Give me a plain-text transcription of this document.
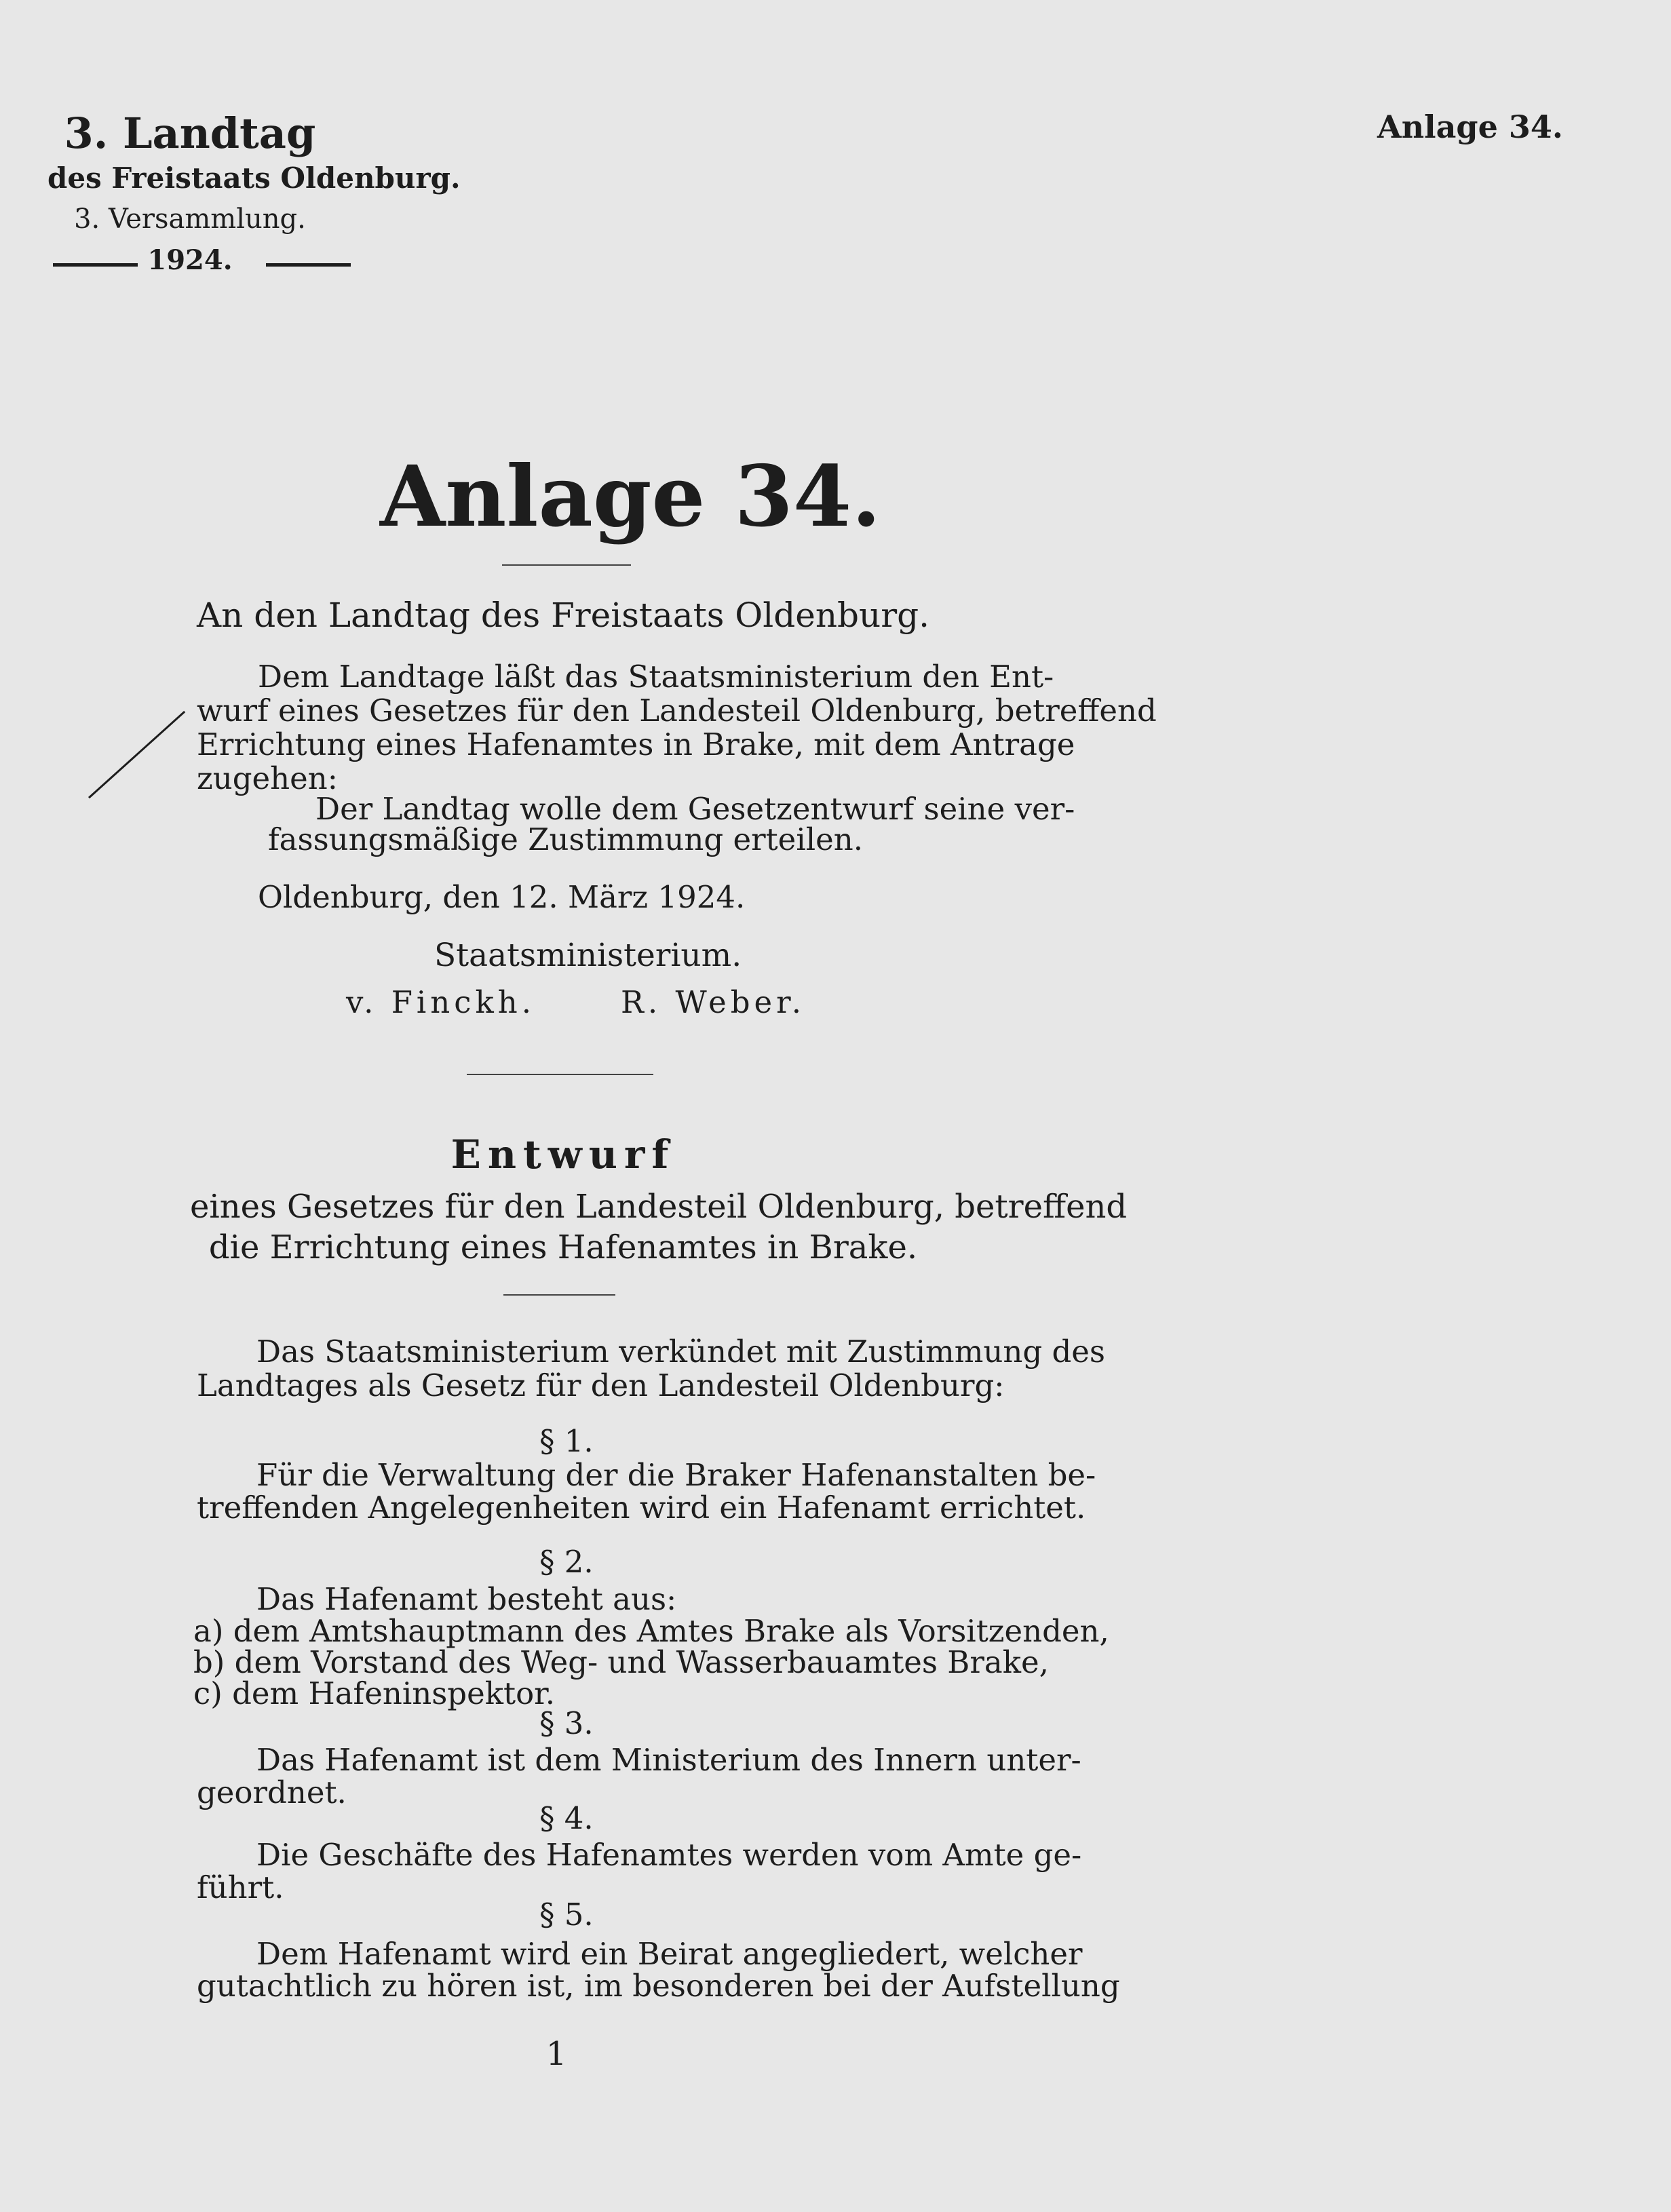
3. Landtag
des Freistaats Oldenburg.
3. Versammlung.
1924.
Anlage 34.
Anlage 34.
An den Landtag des Freistaats Oldenburg.
Dem Landtage läßt das Staatsministerium den Ent-
wurf eines Gesetzes für den Landesteil Oldenburg, betreffend
Errichtung eines Hafenamtes in Brake, mit dem Antrage
zugehen:
Der Landtag wolle dem Gesetzentwurf seine ver-
fassungsmäßige Zustimmung erteilen.
Oldenburg, den 12. März 1924.
Staatsministerium.
v. Finckh.	R. Weber.
Entwurf
eines Gesetzes für den Landesteil Oldenburg, betreffend
die Errichtung eines Hafenamtes in Brake.
Das Staatsministerium verkündet mit Zustimmung des
Landtages als Gesetz für den Landesteil Oldenburg:
§ 1.
Für die Verwaltung der die Braker Hafenanstalten be-
treffenden Angelegenheiten wird ein Hafenamt errichtet.
§ 2.
Das Hafenamt besteht aus:
a) dem Amtshauptmann des Amtes Brake als Vorsitzenden,
b) dem Vorstand des Weg- und Wasserbauamtes Brake,
c) dem Hafeninspektor.
§ 3.
Das Hafenamt ist dem Ministerium des Innern unter-
geordnet.
§ 4.
Die Geschäfte des Hafenamtes werden vom Amte ge-
führt.
§ 5.
Dem Hafenamt wird ein Beirat angegliedert, welcher
gutachtlich zu hören ist, im besonderen bei der Aufstellung
1
